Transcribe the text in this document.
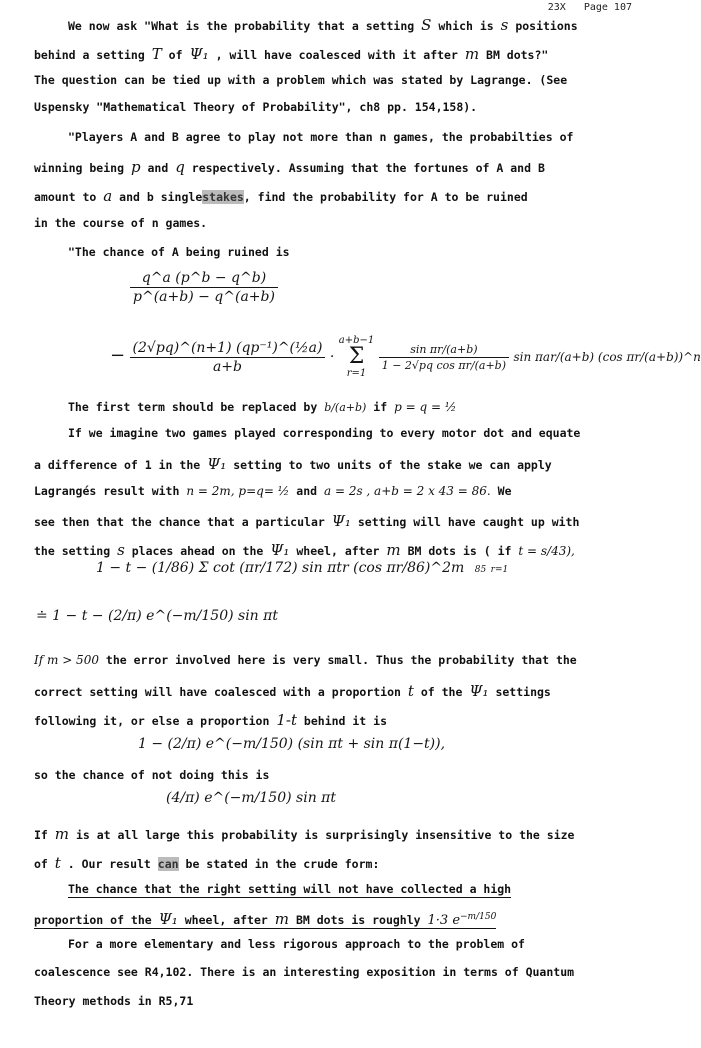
23X   Page 107
We now ask "What is the probability that a setting S which is s positions
behind a setting T of Ψ₁ , will have coalesced with it after m BM dots?"
The question can be tied up with a problem which was stated by Lagrange. (See
Uspensky "Mathematical Theory of Probability", ch8 pp. 154,158).
"Players A and B agree to play not more than n games, the probabilties of
winning being p and q respectively. Assuming that the fortunes of A and B
amount to a and b singlestakes, find the probability for A to be ruined
in the course of n games.
"The chance of A being ruined is
$\frac{q\^{}a (p\^{}b - q\^{}b)}{p\^{}(a+b) - q\^{}(a+b)}$
− $\frac{\text{(2√pq)\textasciicircum{}(n+1) (qp⁻¹)\textasciicircum{}(½a)}}{a+b}$ ·
a+b−1
Σ
r=1

$\frac{\text{sin πr/(a+b)}}{\text{1 − 2√pq cos πr/(a+b)}}$ sin πar/(a+b) (cos πr/(a+b))^n
The first term should be replaced by b/(a+b) if p = q = ½
If we imagine two games played corresponding to every motor dot and equate
a difference of 1 in the Ψ₁ setting to two units of the stake we can apply
Lagrangés result with n = 2m, p=q= ½ and a = 2s , a+b = 2 x 43 = 86. We
see then that the chance that a particular Ψ₁ setting will have caught up with
the setting s places ahead on the Ψ₁ wheel, after m BM dots is ( if t = s/43),
1 − t − (1/86) Σ cot (πr/172) sin πtr (cos πr/86)^2m 85 r=1
≐ 1 − t − (2/π) e^(−m/150) sin πt
If m > 500 the error involved here is very small. Thus the probability that the
correct setting will have coalesced with a proportion t of the Ψ₁ settings
following it, or else a proportion 1-t behind it is
1 − (2/π) e^(−m/150) (sin πt + sin π(1−t)),
so the chance of not doing this is
(4/π) e^(−m/150) sin πt
If m is at all large this probability is surprisingly insensitive to the size
of t . Our result can be stated in the crude form:
The chance that the right setting will not have collected a high
proportion of the Ψ₁ wheel, after m BM dots is roughly 1·3 $e^{-m/150}$
For a more elementary and less rigorous approach to the problem of
coalescence see R4,102. There is an interesting exposition in terms of Quantum
Theory methods in R5,71
